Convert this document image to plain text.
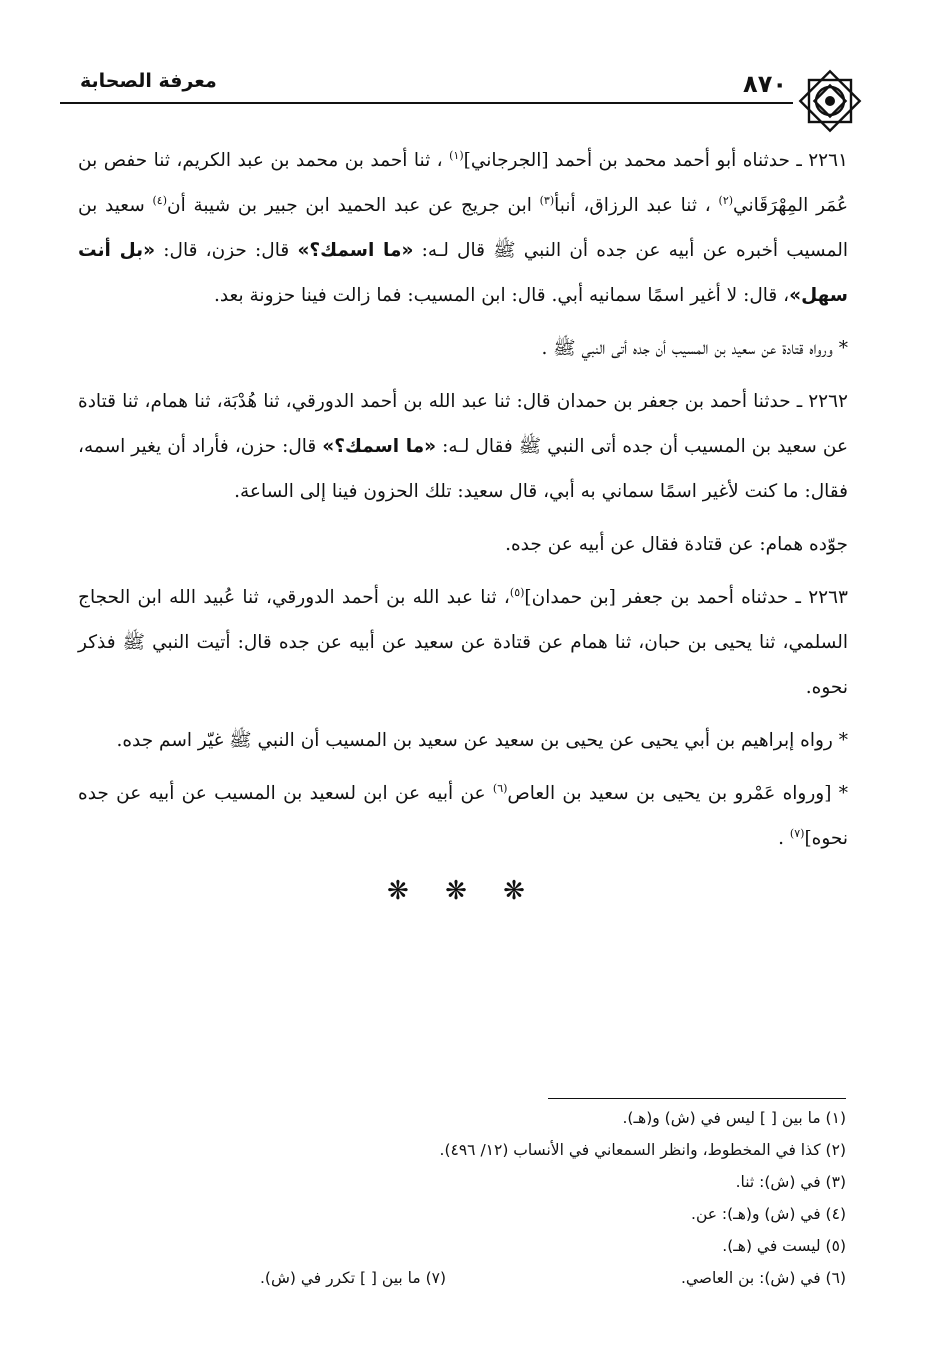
٨٧٠
معرفة الصحابة

٢٢٦١ ـ حدثناه أبو أحمد محمد بن أحمد [الجرجاني]$^{(١)}$ ، ثنا أحمد بن محمد بن عبد الكريم، ثنا حفص بن عُمَر المِهْرَقَاني$^{(٢)}$ ، ثنا عبد الرزاق، أنبأ$^{(٣)}$ ابن جريج عن عبد الحميد ابن جبير بن شيبة أن$^{(٤)}$ سعيد بن المسيب أخبره عن أبيه عن جده أن النبي ﷺ قال لـه: «ما اسمك؟» قال: حزن، قال: «بل أنت سهل»، قال: لا أغير اسمًا سمانيه أبي. قال: ابن المسيب: فما زالت فينا حزونة بعد.

* ورواه قتادة عن سعيد بن المسيب أن جده أتى النبي ﷺ .

٢٢٦٢ ـ حدثنا أحمد بن جعفر بن حمدان قال: ثنا عبد الله بن أحمد الدورقي، ثنا هُدْبَة، ثنا همام، ثنا قتادة عن سعيد بن المسيب أن جده أتى النبي ﷺ فقال لـه: «ما اسمك؟» قال: حزن، فأراد أن يغير اسمه، فقال: ما كنت لأغير اسمًا سماني به أبي، قال سعيد: تلك الحزون فينا إلى الساعة.

جوّده همام: عن قتادة فقال عن أبيه عن جده.

٢٢٦٣ ـ حدثناه أحمد بن جعفر [بن حمدان]$^{(٥)}$، ثنا عبد الله بن أحمد الدورقي، ثنا عُبيد الله ابن الحجاج السلمي، ثنا يحيى بن حبان، ثنا همام عن قتادة عن سعيد عن أبيه عن جده قال: أتيت النبي ﷺ فذكر نحوه.

* رواه إبراهيم بن أبي يحيى عن يحيى بن سعيد عن سعيد بن المسيب أن النبي ﷺ غيّر اسم جده.

* [ورواه عَمْرو بن يحيى بن سعيد بن العاص$^{(٦)}$ عن أبيه عن ابن لسعيد بن المسيب عن أبيه عن جده نحوه]$^{(٧)}$ .

❋ ❋ ❋
(١) ما بين [ ] ليس في (ش) و(هـ).
(٢) كذا في المخطوط، وانظر السمعاني في الأنساب (١٢/ ٤٩٦).
(٣) في (ش): ثنا.
(٤) في (ش) و(هـ): عن.
(٥) ليست في (هـ).
(٦) في (ش): بن العاصي.
(٧) ما بين [ ] تكرر في (ش).
